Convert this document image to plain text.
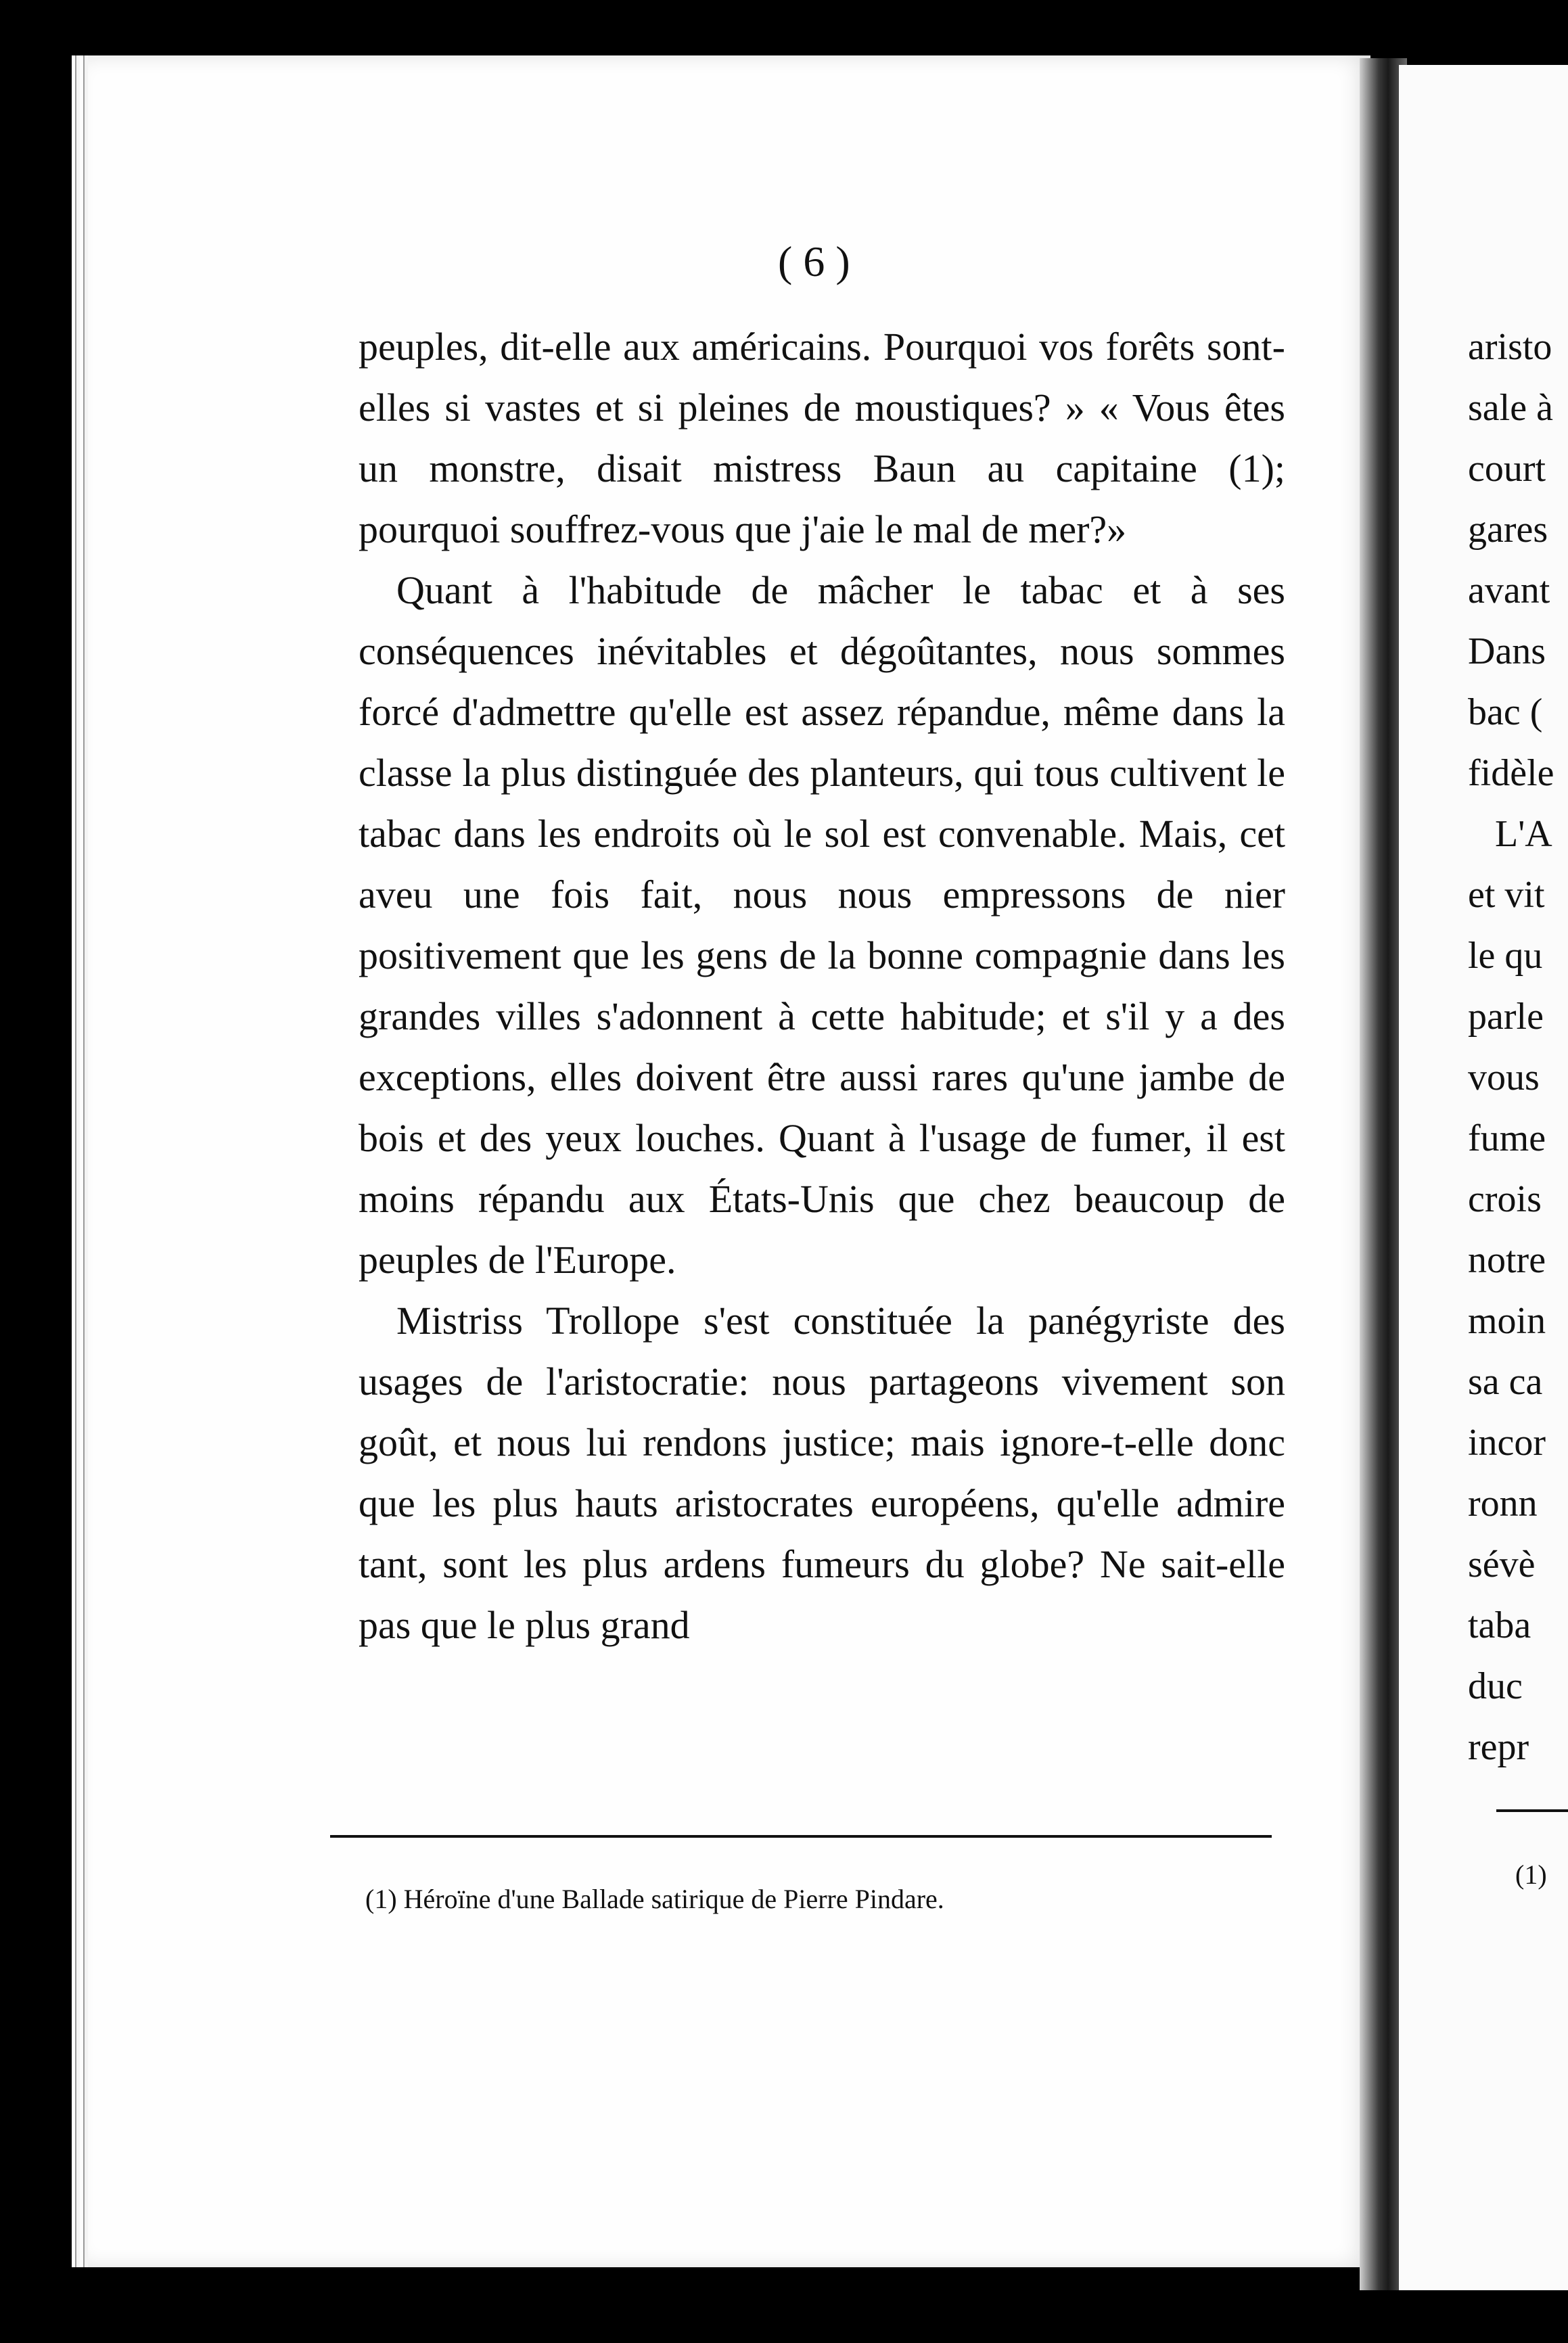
( 6 )

peuples, dit-elle aux américains. Pourquoi vos forêts sont-elles si vastes et si pleines de moustiques? » « Vous êtes un monstre, disait mistress Baun au capitaine (1); pourquoi souffrez-vous que j'aie le mal de mer?»

Quant à l'habitude de mâcher le tabac et à ses conséquences inévitables et dégoûtantes, nous sommes forcé d'admettre qu'elle est assez répandue, même dans la classe la plus distinguée des planteurs, qui tous cultivent le tabac dans les endroits où le sol est convenable. Mais, cet aveu une fois fait, nous nous empressons de nier positivement que les gens de la bonne compagnie dans les grandes villes s'adonnent à cette habitude; et s'il y a des exceptions, elles doivent être aussi rares qu'une jambe de bois et des yeux louches. Quant à l'usage de fumer, il est moins répandu aux États-Unis que chez beaucoup de peuples de l'Europe.

Mistriss Trollope s'est constituée la panégyriste des usages de l'aristocratie: nous partageons vivement son goût, et nous lui rendons justice; mais ignore-t-elle donc que les plus hauts aristocrates européens, qu'elle admire tant, sont les plus ardens fumeurs du globe? Ne sait-elle pas que le plus grand

(1) Héroïne d'une Ballade satirique de Pierre Pindare.
aristo
sale à
court
gares
avant
Dans
bac (
fidèle
L'A
et vit
le qu
parle
vous
fume
crois
notre
moin
sa ca
incor
ronn
sévè
taba
duc
repr
(1)
